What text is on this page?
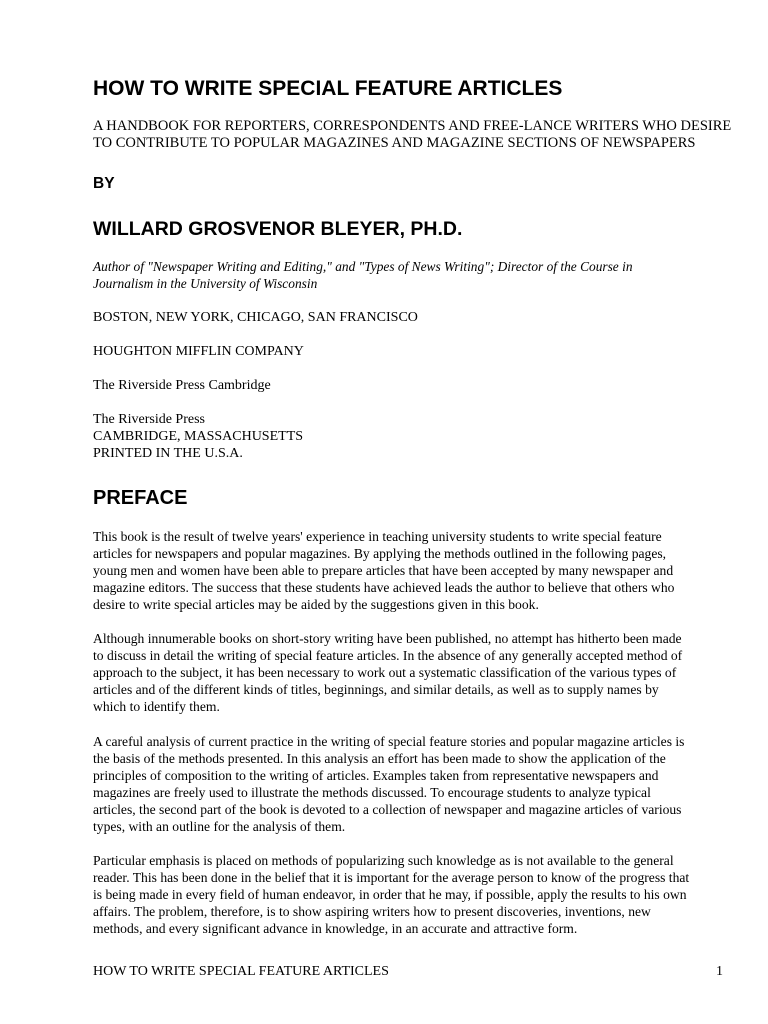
HOW TO WRITE SPECIAL FEATURE ARTICLES
A HANDBOOK FOR REPORTERS, CORRESPONDENTS AND FREE-LANCE WRITERS WHO DESIRE
TO CONTRIBUTE TO POPULAR MAGAZINES AND MAGAZINE SECTIONS OF NEWSPAPERS
BY
WILLARD GROSVENOR BLEYER, PH.D.
Author of "Newspaper Writing and Editing," and "Types of News Writing"; Director of the Course in
Journalism in the University of Wisconsin
BOSTON, NEW YORK, CHICAGO, SAN FRANCISCO
HOUGHTON MIFFLIN COMPANY
The Riverside Press Cambridge
The Riverside Press
CAMBRIDGE, MASSACHUSETTS
PRINTED IN THE U.S.A.
PREFACE
This book is the result of twelve years' experience in teaching university students to write special feature
articles for newspapers and popular magazines. By applying the methods outlined in the following pages,
young men and women have been able to prepare articles that have been accepted by many newspaper and
magazine editors. The success that these students have achieved leads the author to believe that others who
desire to write special articles may be aided by the suggestions given in this book.
Although innumerable books on short-story writing have been published, no attempt has hitherto been made
to discuss in detail the writing of special feature articles. In the absence of any generally accepted method of
approach to the subject, it has been necessary to work out a systematic classification of the various types of
articles and of the different kinds of titles, beginnings, and similar details, as well as to supply names by
which to identify them.
A careful analysis of current practice in the writing of special feature stories and popular magazine articles is
the basis of the methods presented. In this analysis an effort has been made to show the application of the
principles of composition to the writing of articles. Examples taken from representative newspapers and
magazines are freely used to illustrate the methods discussed. To encourage students to analyze typical
articles, the second part of the book is devoted to a collection of newspaper and magazine articles of various
types, with an outline for the analysis of them.
Particular emphasis is placed on methods of popularizing such knowledge as is not available to the general
reader. This has been done in the belief that it is important for the average person to know of the progress that
is being made in every field of human endeavor, in order that he may, if possible, apply the results to his own
affairs. The problem, therefore, is to show aspiring writers how to present discoveries, inventions, new
methods, and every significant advance in knowledge, in an accurate and attractive form.
HOW TO WRITE SPECIAL FEATURE ARTICLES	1
